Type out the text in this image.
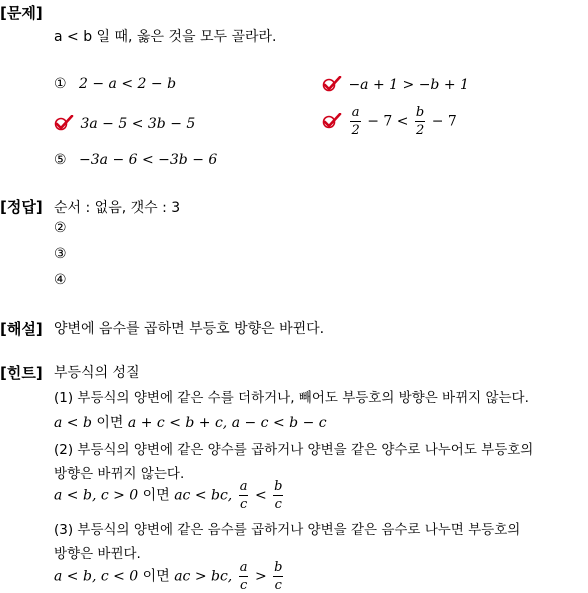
[문제]
a < b 일 때, 옳은 것을 모두 골라라.
① 2 − a < 2 − b	−a + 1 > −b + 1
3a − 5 < 3b − 5
	$\frac{a}{2} - 7 < \frac{b}{2} - 7$
⑤ −3a − 6 < −3b − 6
[정답] 순서 : 없음, 갯수 : 3
②
③
④
[해설] 양변에 음수를 곱하면 부등호 방향은 바뀐다.
[힌트] 부등식의 성질
(1) 부등식의 양변에 같은 수를 더하거나, 빼어도 부등호의 방향은 바뀌지 않는다.
a < b 이면 a + c < b + c, a − c < b − c
(2) 부등식의 양변에 같은 양수를 곱하거나 양변을 같은 양수로 나누어도 부등호의
방향은 바뀌지 않는다.
a < b, c > 0 이면 ac < bc, $\frac{a}{c} < \frac{b}{c}$
(3) 부등식의 양변에 같은 음수를 곱하거나 양변을 같은 음수로 나누면 부등호의
방향은 바뀐다.
a < b, c < 0 이면 ac > bc, $\frac{a}{c} > \frac{b}{c}$
